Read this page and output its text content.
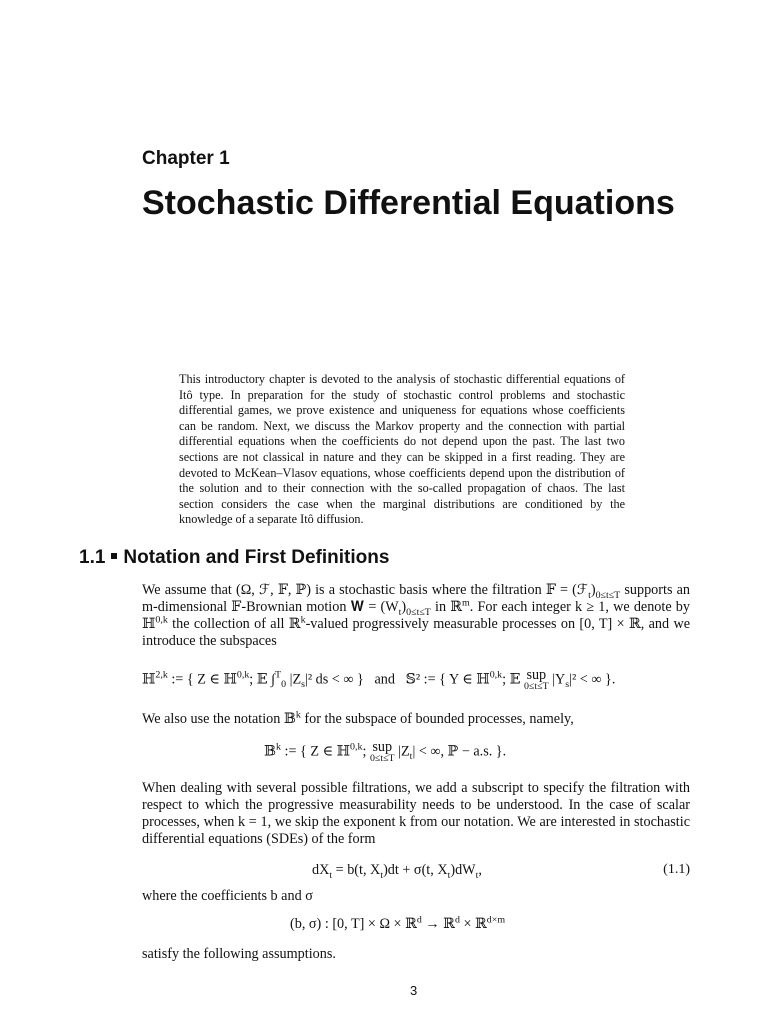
Chapter 1
Stochastic Differential Equations
This introductory chapter is devoted to the analysis of stochastic differential equations of Itô type. In preparation for the study of stochastic control problems and stochastic differential games, we prove existence and uniqueness for equations whose coefficients can be random. Next, we discuss the Markov property and the connection with partial differential equations when the coefficients do not depend upon the past. The last two sections are not classical in nature and they can be skipped in a first reading. They are devoted to McKean–Vlasov equations, whose coefficients depend upon the distribution of the solution and to their connection with the so-called propagation of chaos. The last section considers the case when the marginal distributions are conditioned by the knowledge of a separate Itô diffusion.
1.1 Notation and First Definitions
We assume that (Ω, ℱ, 𝔽, ℙ) is a stochastic basis where the filtration 𝔽 = $(ℱ_t)_{0\le t\le T}$ supports an m-dimensional 𝔽-Brownian motion 𝐖 = $(W_t)_{0\le t\le T}$ in ℝ$^m$. For each integer k ≥ 1, we denote by ℍ$^{0,k}$ the collection of all ℝ$^k$-valued progressively measurable processes on [0, T] × ℝ, and we introduce the subspaces
ℍ$^{2,k}$ := { Z ∈ ℍ$^{0,k}$; 𝔼 ∫$^T_0$ $|Z_s|^2$ ds < ∞ } and 𝕊² := { Y ∈ ℍ$^{0,k}$; 𝔼 sup
0≤t≤T $|Y_s|^2$ < ∞ }.
We also use the notation 𝔹$^k$ for the subspace of bounded processes, namely,
𝔹$^k$ := { Z ∈ ℍ$^{0,k}$; sup
0≤t≤T $|Z_t|$ < ∞, ℙ − a.s. }.
When dealing with several possible filtrations, we add a subscript to specify the filtration with respect to which the progressive measurability needs to be understood. In the case of scalar processes, when k = 1, we skip the exponent k from our notation. We are interested in stochastic differential equations (SDEs) of the form
$dX_t = b(t$, $X_t)dt + \sigma(t$, $X_t)dW_t$,	(1.1)
where the coefficients b and σ
(b, σ) : [0, T] × Ω × ℝ$^d$ → ℝ$^d$ × ℝ$^{d\times m}$
satisfy the following assumptions.
3
